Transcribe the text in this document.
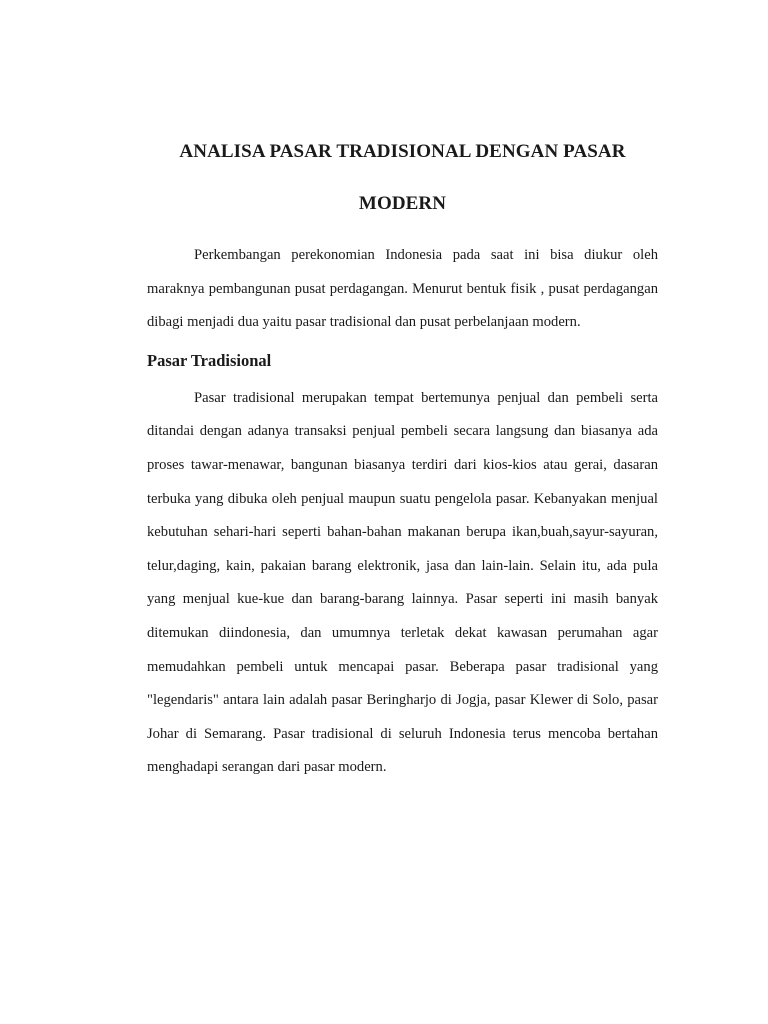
ANALISA PASAR TRADISIONAL DENGAN PASAR
MODERN

Perkembangan perekonomian Indonesia pada saat ini bisa diukur oleh maraknya pembangunan pusat perdagangan. Menurut bentuk fisik , pusat perdagangan dibagi menjadi dua yaitu pasar tradisional dan pusat perbelanjaan modern.

Pasar Tradisional

Pasar tradisional merupakan tempat bertemunya penjual dan pembeli serta ditandai dengan adanya transaksi penjual pembeli secara langsung dan biasanya ada proses tawar-menawar, bangunan biasanya terdiri dari kios-kios atau gerai, dasaran terbuka yang dibuka oleh penjual maupun suatu pengelola pasar. Kebanyakan menjual kebutuhan sehari-hari seperti bahan-bahan makanan berupa ikan,buah,sayur-sayuran, telur,daging, kain, pakaian barang elektronik, jasa dan lain-lain. Selain itu, ada pula yang menjual kue-kue dan barang-barang lainnya. Pasar seperti ini masih banyak ditemukan diindonesia, dan umumnya terletak dekat kawasan perumahan agar memudahkan pembeli untuk mencapai pasar. Beberapa pasar tradisional yang "legendaris" antara lain adalah pasar Beringharjo di Jogja, pasar Klewer di Solo, pasar Johar di Semarang. Pasar tradisional di seluruh Indonesia terus mencoba bertahan menghadapi serangan dari pasar modern.
